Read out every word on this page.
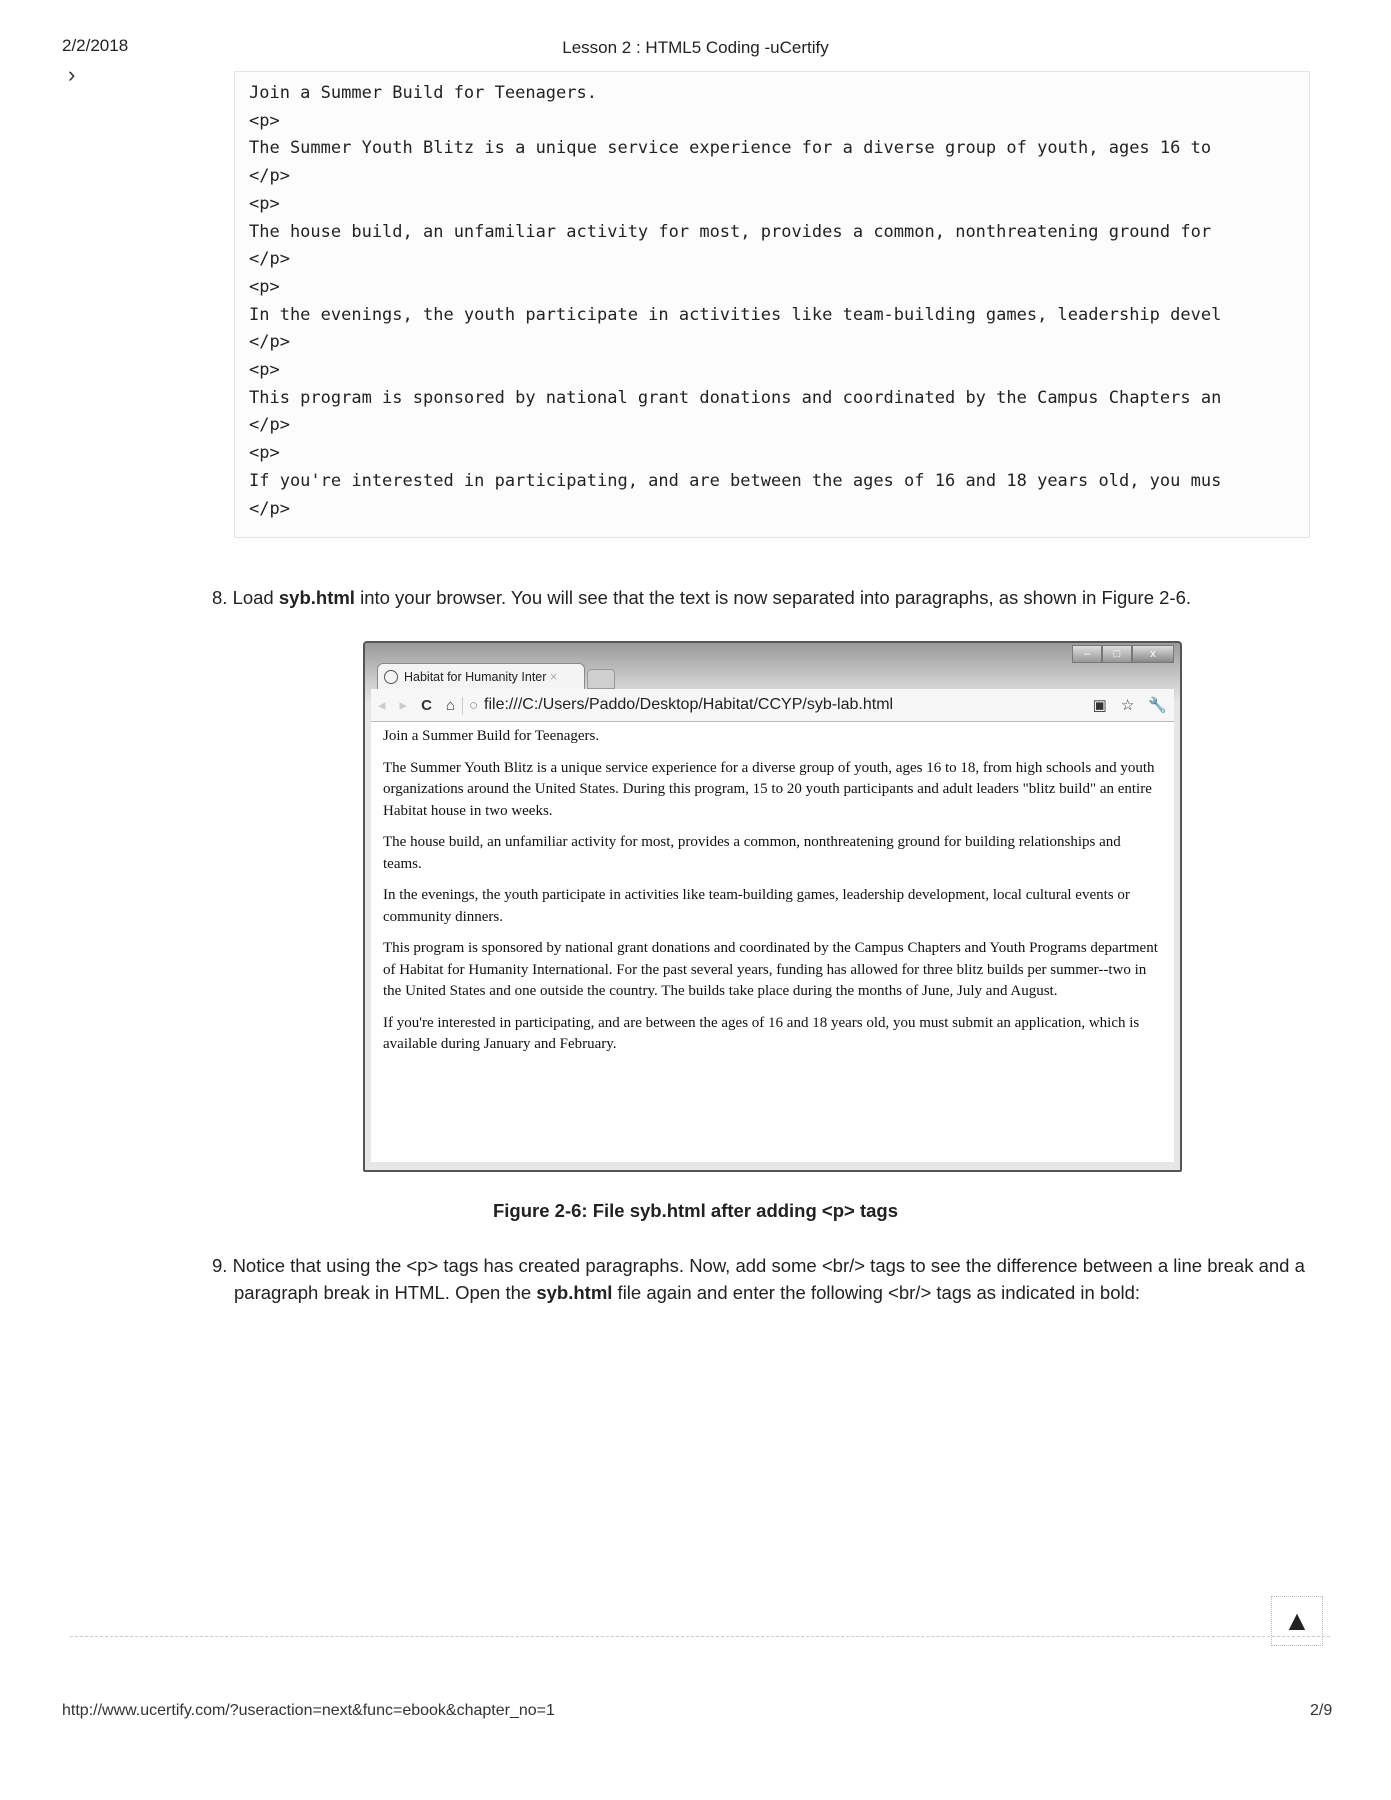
2/2/2018	Lesson 2 : HTML5 Coding -uCertify
›
Join a Summer Build for Teenagers.
<p>
The Summer Youth Blitz is a unique service experience for a diverse group of youth, ages 16 to
</p>
<p>
The house build, an unfamiliar activity for most, provides a common, nonthreatening ground for
</p>
<p>
In the evenings, the youth participate in activities like team-building games, leadership devel
</p>
<p>
This program is sponsored by national grant donations and coordinated by the Campus Chapters an
</p>
<p>
If you're interested in participating, and are between the ages of 16 and 18 years old, you mus
</p>
8. Load syb.html into your browser. You will see that the text is now separated into paragraphs, as shown in Figure 2-6.
Habitat for Humanity Inter ×
–	□	x
◂ ▸ C ⌂ ○ file:///C:/Users/Paddo/Desktop/Habitat/CCYP/syb-lab.html	▣ ☆ 🔧

Join a Summer Build for Teenagers.

The Summer Youth Blitz is a unique service experience for a diverse group of youth, ages 16 to 18, from high schools and youth organizations around the United States. During this program, 15 to 20 youth participants and adult leaders "blitz build" an entire Habitat house in two weeks.

The house build, an unfamiliar activity for most, provides a common, nonthreatening ground for building relationships and teams.

In the evenings, the youth participate in activities like team-building games, leadership development, local cultural events or community dinners.

This program is sponsored by national grant donations and coordinated by the Campus Chapters and Youth Programs department of Habitat for Humanity International. For the past several years, funding has allowed for three blitz builds per summer--two in the United States and one outside the country. The builds take place during the months of June, July and August.

If you're interested in participating, and are between the ages of 16 and 18 years old, you must submit an application, which is available during January and February.

Figure 2-6: File syb.html after adding <p> tags
9. Notice that using the <p> tags has created paragraphs. Now, add some <br/> tags to see the difference between a line break and a paragraph break in HTML. Open the syb.html file again and enter the following <br/> tags as indicated in bold:
▲
http://www.ucertify.com/?useraction=next&func=ebook&chapter_no=1	2/9
